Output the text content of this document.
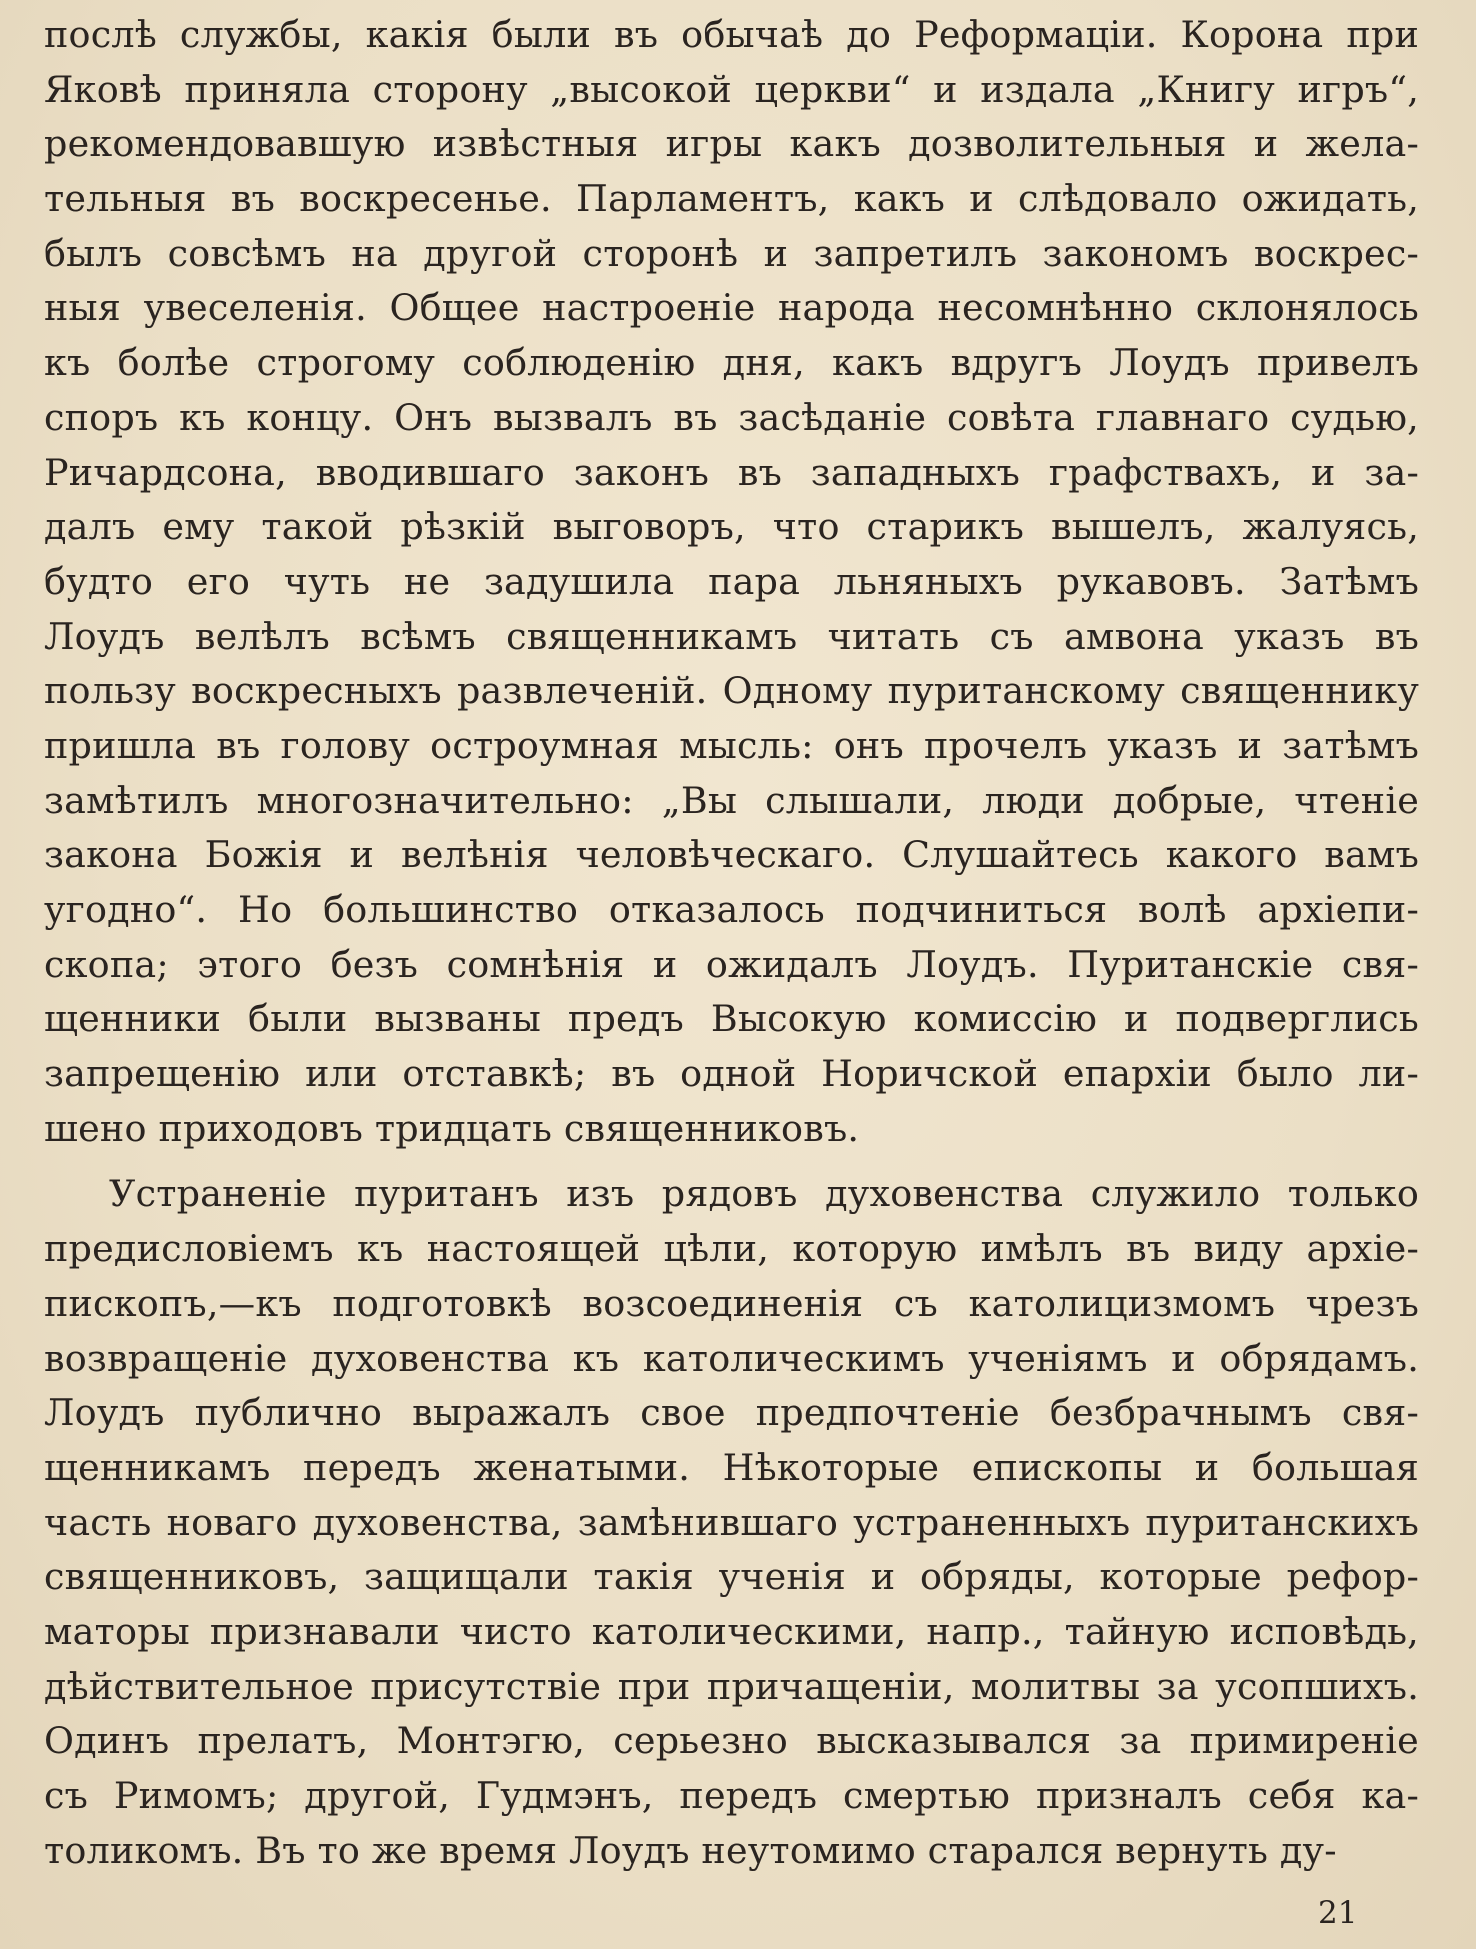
послѣ службы, какія были въ обычаѣ до Реформаціи. Корона при
Яковѣ приняла сторону „высокой церкви“ и издала „Книгу игръ“,
рекомендовавшую извѣстныя игры какъ дозволительныя и жела-
тельныя въ воскресенье. Парламентъ, какъ и слѣдовало ожидать,
былъ совсѣмъ на другой сторонѣ и запретилъ закономъ воскрес-
ныя увеселенія. Общее настроеніе народа несомнѣнно склонялось
къ болѣе строгому соблюденію дня, какъ вдругъ Лоудъ привелъ
споръ къ концу. Онъ вызвалъ въ засѣданіе совѣта главнаго судью,
Ричардсона, вводившаго законъ въ западныхъ графствахъ, и за-
далъ ему такой рѣзкій выговоръ, что старикъ вышелъ, жалуясь,
будто его чуть не задушила пара льняныхъ рукавовъ. Затѣмъ
Лоудъ велѣлъ всѣмъ священникамъ читать съ амвона указъ въ
пользу воскресныхъ развлеченій. Одному пуританскому священнику
пришла въ голову остроумная мысль: онъ прочелъ указъ и затѣмъ
замѣтилъ многозначительно: „Вы слышали, люди добрые, чтеніе
закона Божія и велѣнія человѣческаго. Слушайтесь какого вамъ
угодно“. Но большинство отказалось подчиниться волѣ архіепи-
скопа; этого безъ сомнѣнія и ожидалъ Лоудъ. Пуританскіе свя-
щенники были вызваны предъ Высокую комиссію и подверглись
запрещенію или отставкѣ; въ одной Норичской епархіи было ли-
шено приходовъ тридцать священниковъ.
Устраненіе пуританъ изъ рядовъ духовенства служило только
предисловіемъ къ настоящей цѣли, которую имѣлъ въ виду архіе-
пископъ,—къ подготовкѣ возсоединенія съ католицизмомъ чрезъ
возвращеніе духовенства къ католическимъ ученіямъ и обрядамъ.
Лоудъ публично выражалъ свое предпочтеніе безбрачнымъ свя-
щенникамъ передъ женатыми. Нѣкоторые епископы и большая
часть новаго духовенства, замѣнившаго устраненныхъ пуританскихъ
священниковъ, защищали такія ученія и обряды, которые рефор-
маторы признавали чисто католическими, напр., тайную исповѣдь,
дѣйствительное присутствіе при причащеніи, молитвы за усопшихъ.
Одинъ прелатъ, Монтэгю, серьезно высказывался за примиреніе
съ Римомъ; другой, Гудмэнъ, передъ смертью призналъ себя ка-
толикомъ. Въ то же время Лоудъ неутомимо старался вернуть ду-
21
